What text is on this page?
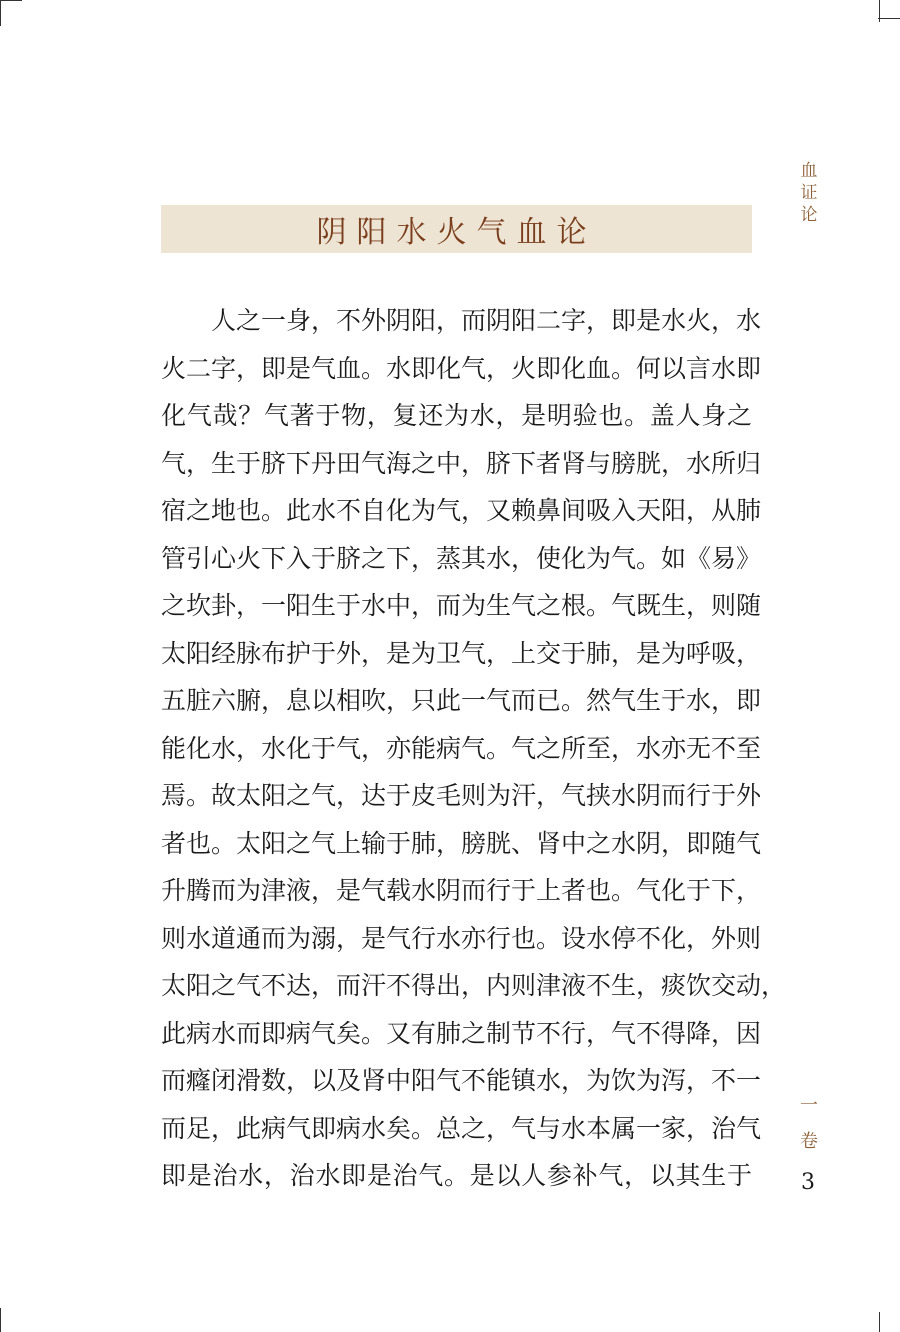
血
证
论
一
卷
3
阴阳水火气血论
人之一身，不外阴阳，而阴阳二字，即是水火，水
火二字，即是气血。水即化气，火即化血。何以言水即
化气哉？气著于物，复还为水，是明验也。盖人身之
气，生于脐下丹田气海之中，脐下者肾与膀胱，水所归
宿之地也。此水不自化为气，又赖鼻间吸入天阳，从肺
管引心火下入于脐之下，蒸其水，使化为气。如《易》
之坎卦，一阳生于水中，而为生气之根。气既生，则随
太阳经脉布护于外，是为卫气，上交于肺，是为呼吸，
五脏六腑，息以相吹，只此一气而已。然气生于水，即
能化水，水化于气，亦能病气。气之所至，水亦无不至
焉。故太阳之气，达于皮毛则为汗，气挟水阴而行于外
者也。太阳之气上输于肺，膀胱、肾中之水阴，即随气
升腾而为津液，是气载水阴而行于上者也。气化于下，
则水道通而为溺，是气行水亦行也。设水停不化，外则
太阳之气不达，而汗不得出，内则津液不生，痰饮交动，
此病水而即病气矣。又有肺之制节不行，气不得降，因
而癃闭滑数，以及肾中阳气不能镇水，为饮为泻，不一
而足，此病气即病水矣。总之，气与水本属一家，治气
即是治水，治水即是治气。是以人参补气，以其生于
